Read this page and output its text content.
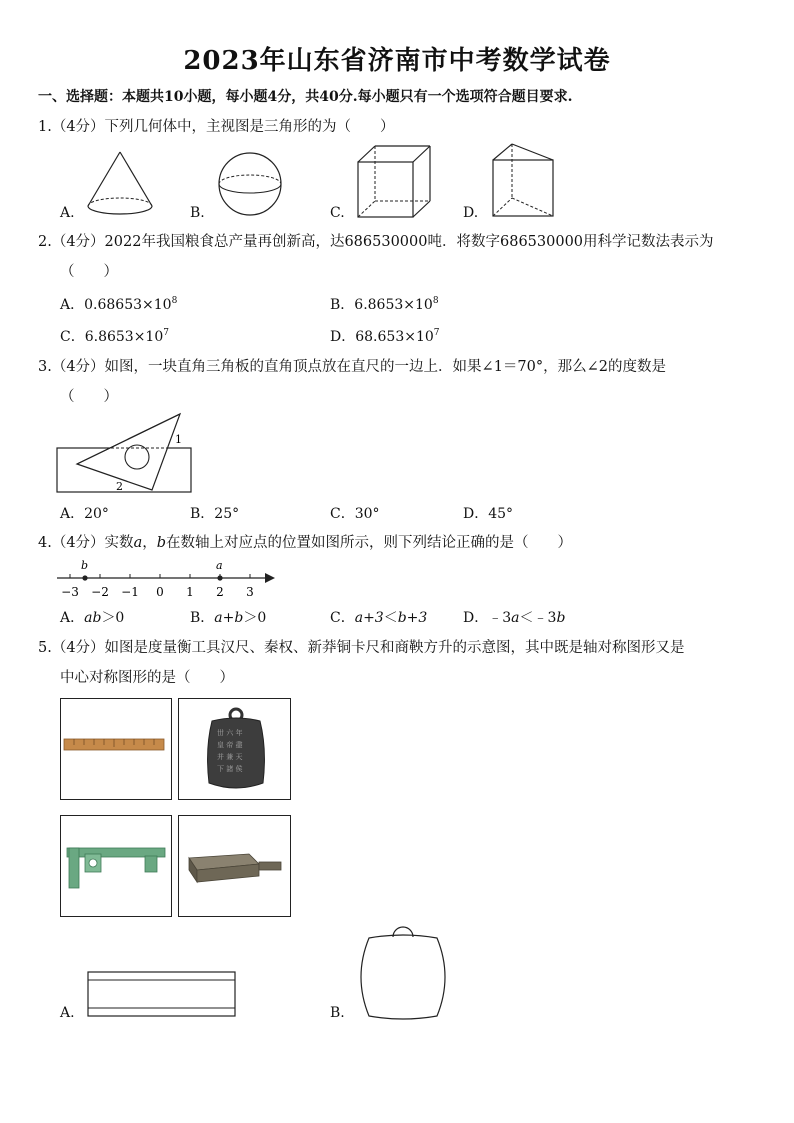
2023年山东省济南市中考数学试卷
一、选择题：本题共10小题，每小题4分，共40分.每小题只有一个选项符合题目要求.
1.（4分）下列几何体中，主视图是三角形的为（　　）
A.	B.	C.	D.
2.（4分）2022年我国粮食总产量再创新高，达686530000吨．将数字686530000用科学记数法表示为
（　　）
A．$0.68653\times 10^8$	B．$6.8653\times 10^8$
C．$6.8653\times 10^7$	D．$68.653\times 10^7$
3.（4分）如图，一块直角三角板的直角顶点放在直尺的一边上．如果∠1＝70°，那么∠2的度数是
（　　）
1
2
A．20°	B．25°	C．30°	D．45°
4.（4分）实数a，b在数轴上对应点的位置如图所示，则下列结论正确的是（　　）
−3 −2 −1 0 1 2 3
b	a
A．ab＞0	B．a+b＞0	C．a+3＜b+3	D．﹣3a＜﹣3b
5.（4分）如图是度量衡工具汉尺、秦权、新莽铜卡尺和商鞅方升的示意图，其中既是轴对称图形又是
中心对称图形的是（　　）
丗 六 年
皇 帝 盡
并 兼 天
下 諸 侯
A.	B.
